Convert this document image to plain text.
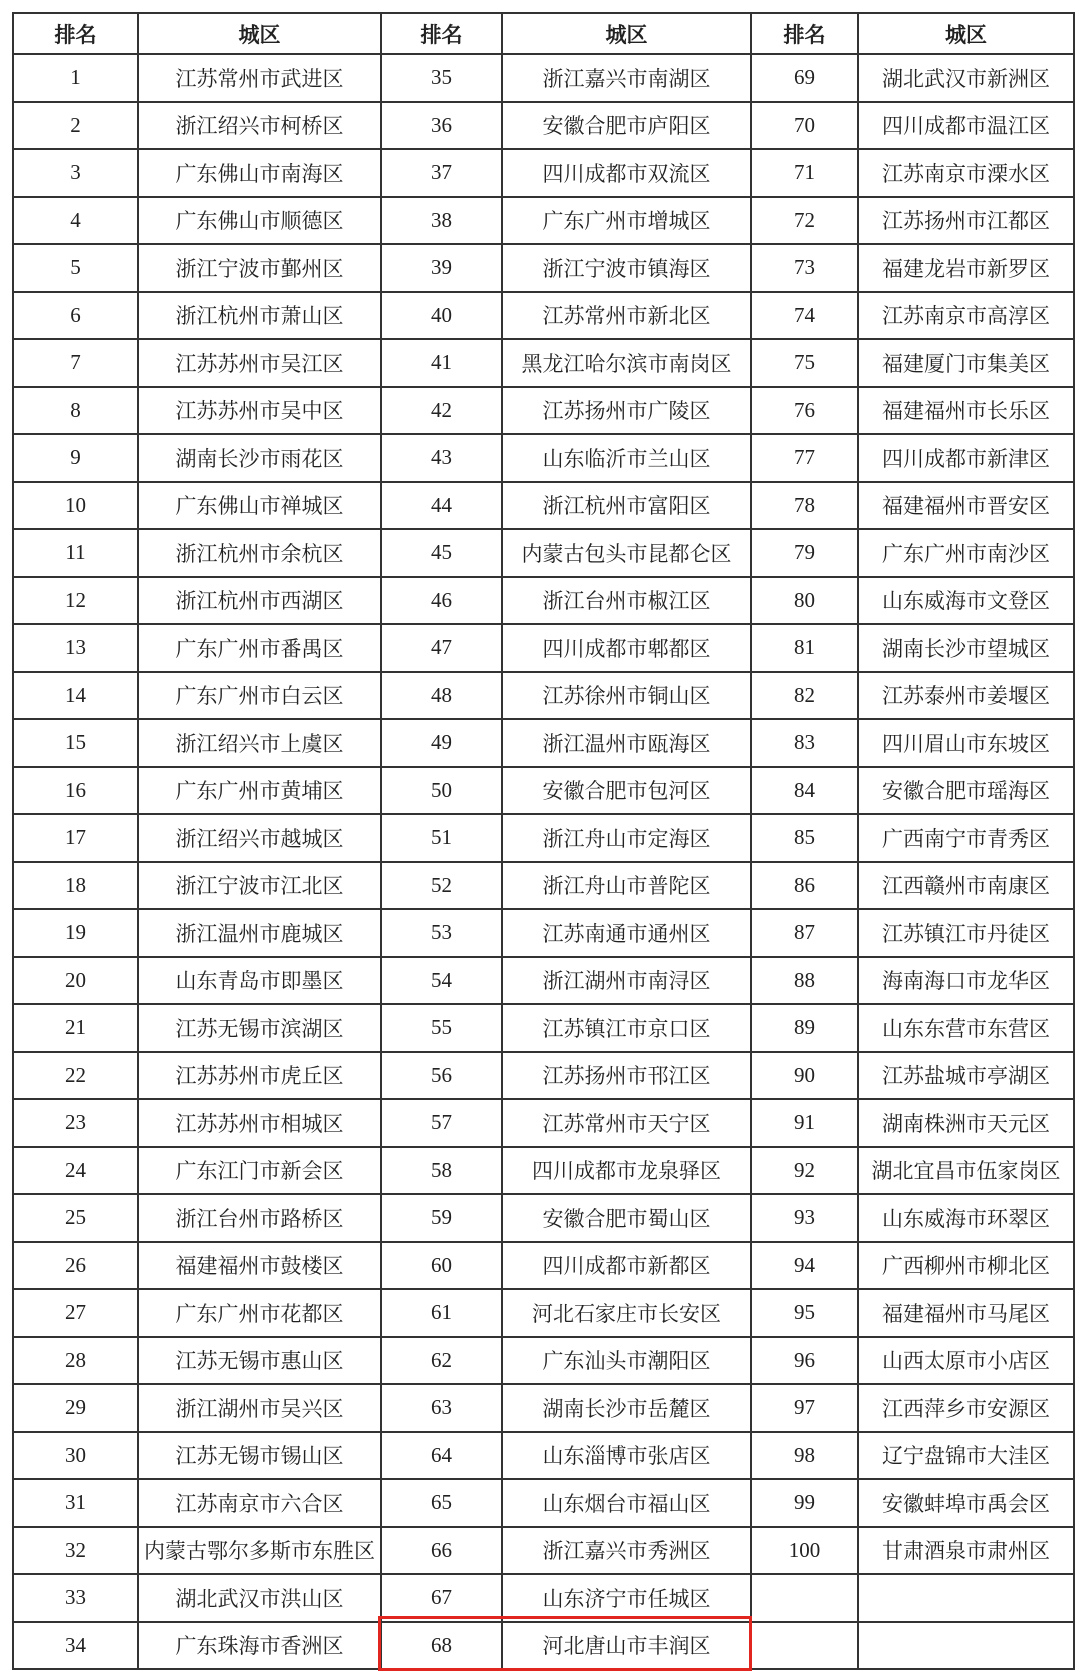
排名	城区	排名	城区	排名	城区
1	江苏常州市武进区	35	浙江嘉兴市南湖区	69	湖北武汉市新洲区
2	浙江绍兴市柯桥区	36	安徽合肥市庐阳区	70	四川成都市温江区
3	广东佛山市南海区	37	四川成都市双流区	71	江苏南京市溧水区
4	广东佛山市顺德区	38	广东广州市增城区	72	江苏扬州市江都区
5	浙江宁波市鄞州区	39	浙江宁波市镇海区	73	福建龙岩市新罗区
6	浙江杭州市萧山区	40	江苏常州市新北区	74	江苏南京市高淳区
7	江苏苏州市吴江区	41	黑龙江哈尔滨市南岗区	75	福建厦门市集美区
8	江苏苏州市吴中区	42	江苏扬州市广陵区	76	福建福州市长乐区
9	湖南长沙市雨花区	43	山东临沂市兰山区	77	四川成都市新津区
10	广东佛山市禅城区	44	浙江杭州市富阳区	78	福建福州市晋安区
11	浙江杭州市余杭区	45	内蒙古包头市昆都仑区	79	广东广州市南沙区
12	浙江杭州市西湖区	46	浙江台州市椒江区	80	山东威海市文登区
13	广东广州市番禺区	47	四川成都市郫都区	81	湖南长沙市望城区
14	广东广州市白云区	48	江苏徐州市铜山区	82	江苏泰州市姜堰区
15	浙江绍兴市上虞区	49	浙江温州市瓯海区	83	四川眉山市东坡区
16	广东广州市黄埔区	50	安徽合肥市包河区	84	安徽合肥市瑶海区
17	浙江绍兴市越城区	51	浙江舟山市定海区	85	广西南宁市青秀区
18	浙江宁波市江北区	52	浙江舟山市普陀区	86	江西赣州市南康区
19	浙江温州市鹿城区	53	江苏南通市通州区	87	江苏镇江市丹徒区
20	山东青岛市即墨区	54	浙江湖州市南浔区	88	海南海口市龙华区
21	江苏无锡市滨湖区	55	江苏镇江市京口区	89	山东东营市东营区
22	江苏苏州市虎丘区	56	江苏扬州市邗江区	90	江苏盐城市亭湖区
23	江苏苏州市相城区	57	江苏常州市天宁区	91	湖南株洲市天元区
24	广东江门市新会区	58	四川成都市龙泉驿区	92	湖北宜昌市伍家岗区
25	浙江台州市路桥区	59	安徽合肥市蜀山区	93	山东威海市环翠区
26	福建福州市鼓楼区	60	四川成都市新都区	94	广西柳州市柳北区
27	广东广州市花都区	61	河北石家庄市长安区	95	福建福州市马尾区
28	江苏无锡市惠山区	62	广东汕头市潮阳区	96	山西太原市小店区
29	浙江湖州市吴兴区	63	湖南长沙市岳麓区	97	江西萍乡市安源区
30	江苏无锡市锡山区	64	山东淄博市张店区	98	辽宁盘锦市大洼区
31	江苏南京市六合区	65	山东烟台市福山区	99	安徽蚌埠市禹会区
32	内蒙古鄂尔多斯市东胜区	66	浙江嘉兴市秀洲区	100	甘肃酒泉市肃州区
33	湖北武汉市洪山区	67	山东济宁市任城区		
34	广东珠海市香洲区	68	河北唐山市丰润区		
